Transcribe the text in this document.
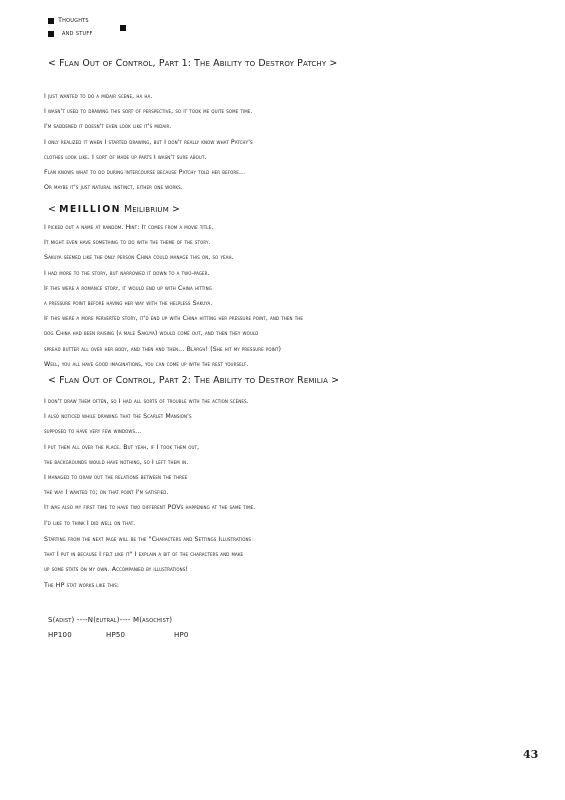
Thoughts
and stuff
< Flan Out of Control, Part 1: The Ability to Destroy Patchy >
I just wanted to do a midair scene, ha ha.
I wasn't used to drawing this sort of perspective, so it took me quite some time.
I'm saddened it doesn't even look like it's midair.
I only realized it when I started drawing, but I don't really know what Patchy's
clothes look like. I sort of made up parts I wasn't sure about.
Flan knows what to do during intercourse because Patchy told her before...
Or maybe it's just natural instinct, either one works.
< MEILLION Meilibrium >
I picked out a name at random. Hint: It comes from a movie title.
It might even have something to do with the theme of the story.
Sakuya seemed like the only person China could manage this on, so yeah.
I had more to the story, but narrowed it down to a two-pager.
If this were a romance story, it would end up with China hitting
a pressure point before having her way with the helpless Sakuya.
If this were a more perverted story, it'd end up with China hitting her pressure point, and then the
dog China had been raising (a male Sakuya) would come out, and then they would
spread butter all over her body, and then and then... Blargh! (She hit my pressure point)
Well, you all have good imaginations, you can come up with the rest yourself.
< Flan Out of Control, Part 2: The Ability to Destroy Remilia >
I don't draw them often, so I had all sorts of trouble with the action scenes.
I also noticed while drawing that the Scarlet Mansion's
supposed to have very few windows...
I put them all over the place. But yeah, if I took them out,
the backgrounds would have nothing, so I left them in.
I managed to draw out the relations between the three
the way I wanted to; on that point I'm satisfied.
It was also my first time to have two different POVs happening at the same time.
I'd like to think I did well on that.
Starting from the next page will be the "Characters and Settings Illustrations
that I put in because I felt like it" I explain a bit of the characters and make
up some stats on my own. Accompanied by illustrations!
The HP stat works like this:
S(adist) ----N(eutral)---- M(asochist)
HP100	HP50	HP0
43
